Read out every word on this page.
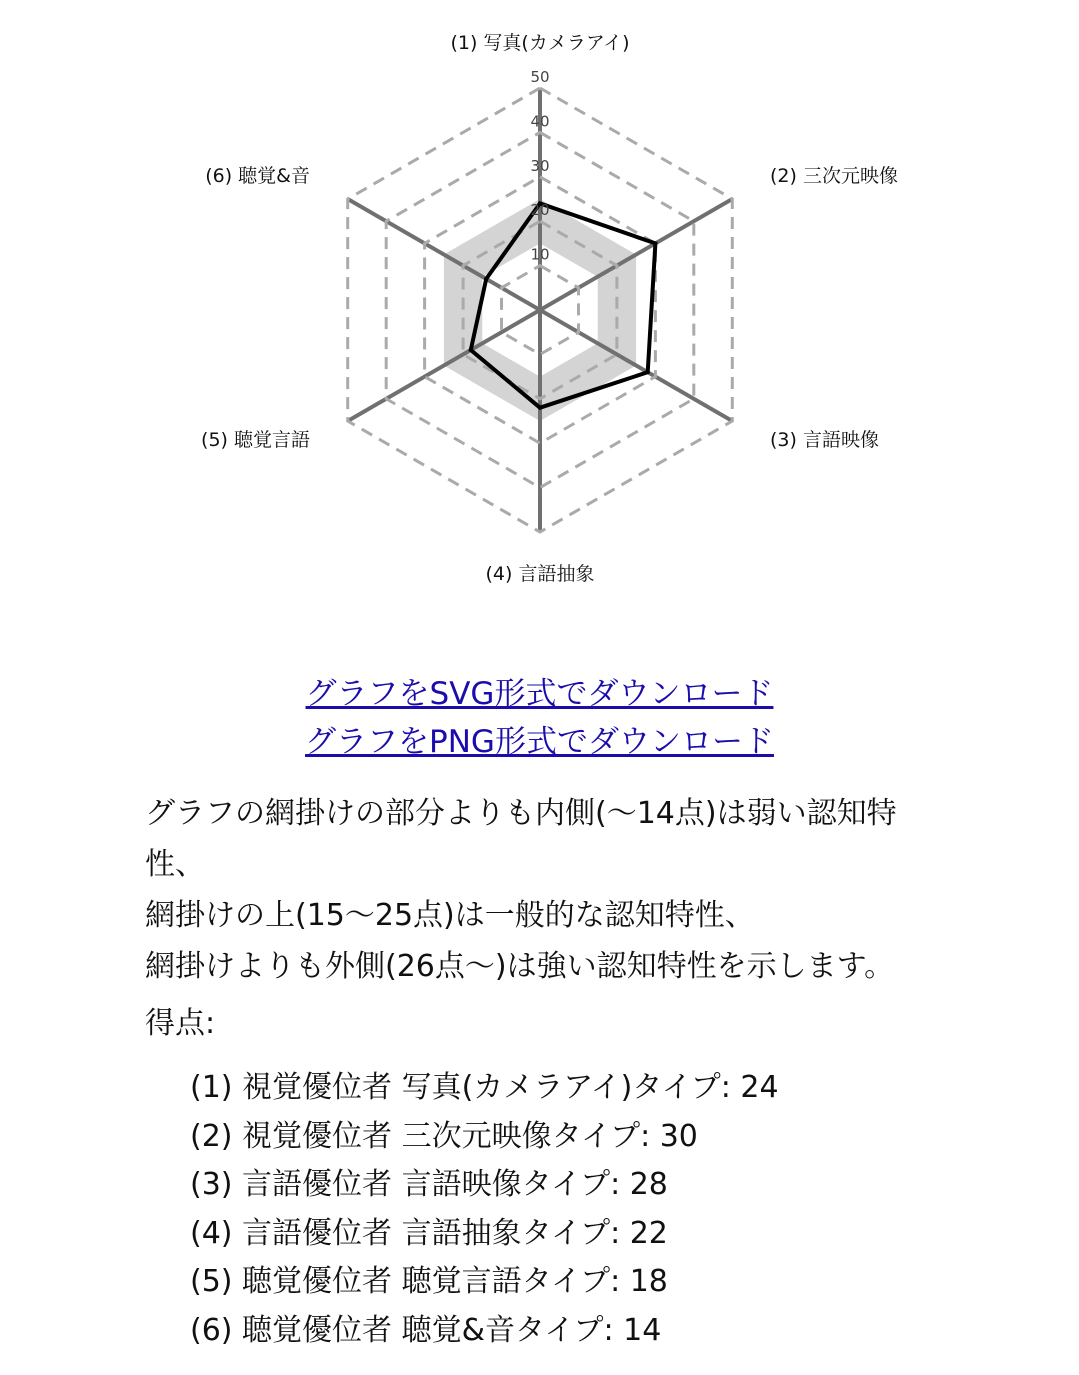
10
20
30
40
50
(1) 写真(カメラアイ)
(2) 三次元映像
(3) 言語映像
(4) 言語抽象
(5) 聴覚言語
(6) 聴覚&音
グラフをSVG形式でダウンロード
グラフをPNG形式でダウンロード

グラフの網掛けの部分よりも内側(〜14点)は弱い認知特性、

網掛けの上(15〜25点)は一般的な認知特性、

網掛けよりも外側(26点〜)は強い認知特性を示します。

得点:
(1) 視覚優位者 写真(カメラアイ)タイプ: 24
(2) 視覚優位者 三次元映像タイプ: 30
(3) 言語優位者 言語映像タイプ: 28
(4) 言語優位者 言語抽象タイプ: 22
(5) 聴覚優位者 聴覚言語タイプ: 18
(6) 聴覚優位者 聴覚&音タイプ: 14
